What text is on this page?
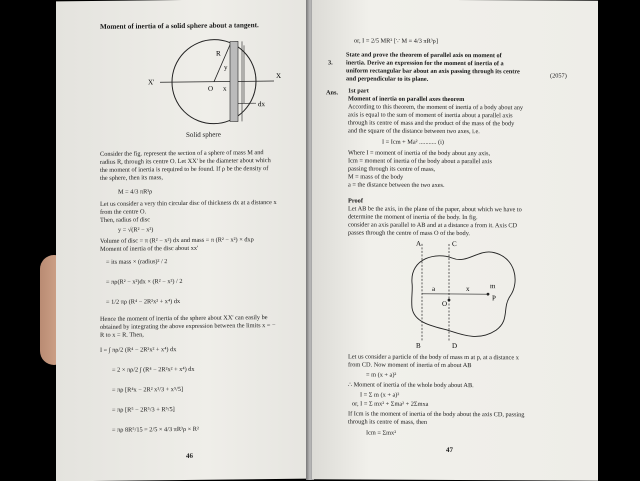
Moment of inertia of a solid sphere about a tangent.
R
y
X'
X
O x
dx
Solid sphere
Consider the fig. represent the section of a sphere of mass M and
radius R, through its centre O. Let XX' be the diameter about which
the moment of inertia is required to be found. If ρ be the density of
the sphere, then its mass,
M = 4/3 πR³ρ
Let us consider a very thin circular disc of thickness dx at a distance x
from the centre O.
Then, radius of disc
y = √(R² − x²)
Volume of disc = π (R² − x²) dx and mass = π (R² − x²) × dxρ
Moment of inertia of the disc about xx'
= its mass × (radius)² / 2
= πρ(R² − x²)dx × (R² − x²) / 2
= 1/2 πρ (R⁴ − 2R²x² + x⁴) dx
Hence the moment of inertia of the sphere about XX' can easily be
obtained by integrating the above expression between the limits x = −
R to x = R. Then,
I = ∫ πρ/2 (R⁴ − 2R²x² + x⁴) dx
= 2 × πρ/2 ∫ (R⁴ − 2R²x² + x⁴) dx
= πρ [R⁴x − 2R² x³/3 + x⁵/5]
= πρ [R⁵ − 2R⁵/3 + R⁵/5]
= πρ 8R⁵/15 = 2/5 × 4/3 πR³ρ × R²
46
or, I = 2/5 MR² [∵ M = 4/3 πR³ρ]
3.
State and prove the theorem of parallel axis on moment of
inertia. Derive an expression for the moment of inertia of a
uniform rectangular bar about an axis passing through its centre
and perpendicular to its plane.	(2057)
Ans. 1st part
Moment of inertia on parallel axes theorem
According to this theorem, the moment of inertia of a body about any
axis is equal to the sum of moment of inertia about a parallel axis
through its centre of mass and the product of the mass of the body
and the square of the distance between two axes, i.e.
I = Icm + Ma² ........... (i)
Where I = moment of inertia of the body about any axis,
Icm = moment of inertia of the body about a parallel axis
passing through its centre of mass,
M = mass of the body
a = the distance between the two axes.
Proof
Let AB be the axis, in the plane of the paper, about which we have to
determine the moment of inertia of the body. In fig.
consider an axis parallel to AB and at a distance a from it. Axis CD
passes through the centre of mass O of the body.
A	C
B	D
a	x	m
P
O
Let us consider a particle of the body of mass m at p, at a distance x
from CD. Now moment of inertia of m about AB
= m (x + a)²
∴ Moment of inertia of the whole body about AB.
I = Σ m (x + a)²
or, I = Σ mx² + Σma² + 2Σmxa
If Icm is the moment of inertia of the body about the axis CD, passing
through its centre of mass, then
Icm = Σmx²
47
